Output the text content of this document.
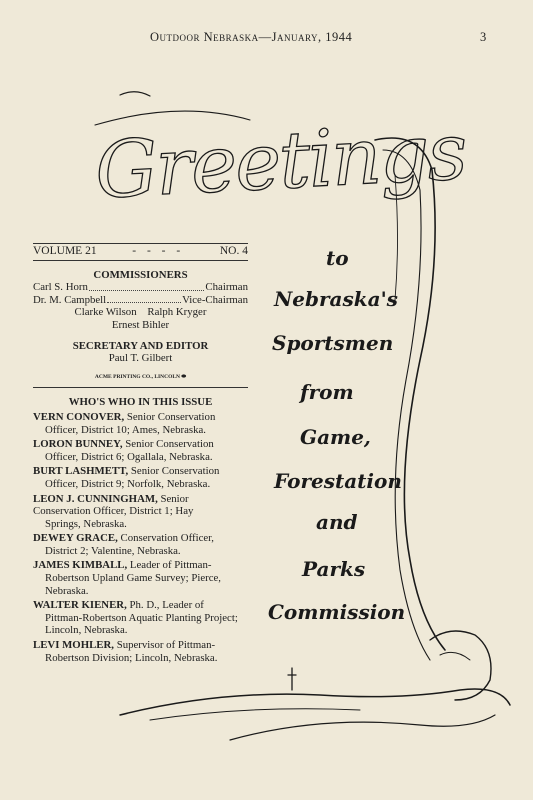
Outdoor Nebraska—January, 1944	3
Greetings
VOLUME 21	- - - -	NO. 4
COMMISSIONERS
Carl S. Horn	Chairman
Dr. M. Campbell	Vice-Chairman
Clarke Wilson    Ralph Kryger
Ernest Bihler
SECRETARY AND EDITOR
Paul T. Gilbert
ACME PRINTING CO., LINCOLN ⬬
WHO'S WHO IN THIS ISSUE
VERN CONOVER, Senior Conservation
Officer, District 10; Ames, Nebraska.
LORON BUNNEY, Senior Conservation
Officer, District 6; Ogallala, Nebraska.
BURT LASHMETT, Senior Conservation
Officer, District 9; Norfolk, Nebraska.
LEON J. CUNNINGHAM, Senior Conservation Officer, District 1; Hay
Springs, Nebraska.
DEWEY GRACE, Conservation Officer,
District 2; Valentine, Nebraska.
JAMES KIMBALL, Leader of Pittman-
Robertson Upland Game Survey; Pierce, Nebraska.
WALTER KIENER, Ph. D., Leader of
Pittman-Robertson Aquatic Planting Project; Lincoln, Nebraska.
LEVI MOHLER, Supervisor of Pittman-
Robertson Division; Lincoln, Nebraska.
to
Nebraska's
Sportsmen
from
Game,
Forestation
and
Parks
Commission
